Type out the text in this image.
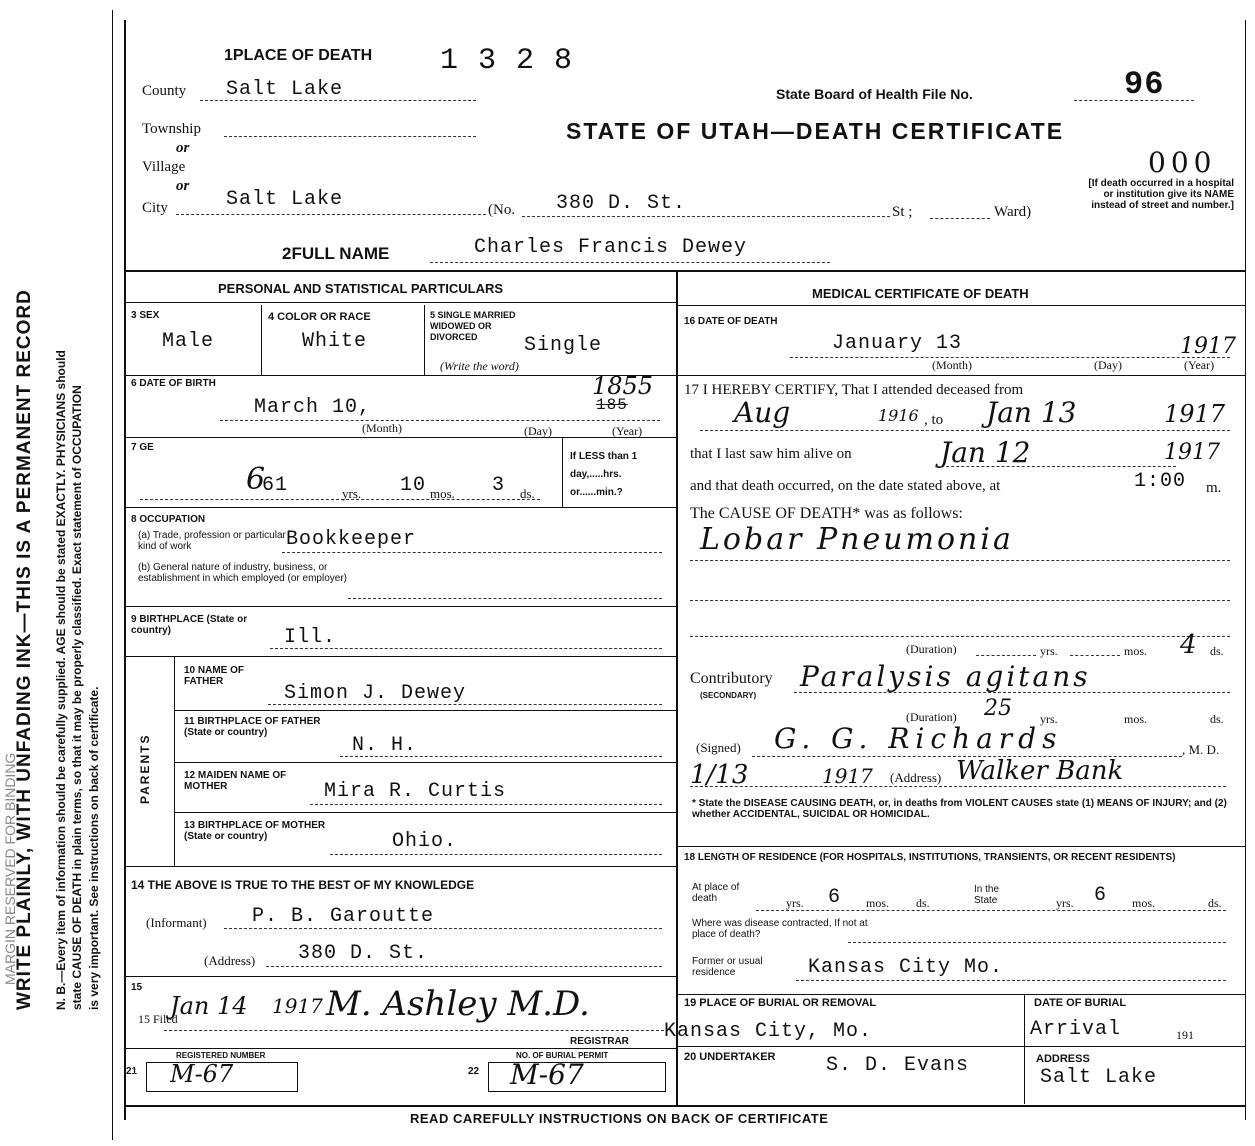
WRITE PLAINLY, WITH UNFADING INK—THIS IS A PERMANENT RECORD
MARGIN RESERVED FOR BINDING	N. B.—Every item of information should be carefully supplied. AGE should be stated EXACTLY. PHYSICIANS should state CAUSE OF DEATH in plain terms, so that it may be properly classified. Exact statement of OCCUPATION is very important. See instructions on back of certificate.
1PLACE OF DEATH 1 3 2 8
County Salt Lake
Township
or
Village
or
City	Salt Lake	(No. 380 D. St.	St ;	Ward)
State Board of Health File No.	96
STATE OF UTAH—DEATH CERTIFICATE
000
[If death occurred in a hospital or institution give its NAME instead of street and number.]
2FULL NAME	Charles Francis Dewey
PERSONAL AND STATISTICAL PARTICULARS
3 SEX
Male
4 COLOR OR RACE
White
5 SINGLE MARRIED WIDOWED OR DIVORCED
(Write the word)
Single
6 DATE OF BIRTH
March 10,
1855
185
(Month)	(Day)	(Year)
7 GE
6
61	yrs. 10 mos. 3 ds.
If LESS than 1 day,.....hrs. or......min.?
8 OCCUPATION
(a) Trade, profession or particular kind of work	Bookkeeper
(b) General nature of industry, business, or establishment in which employed (or employer)
9 BIRTHPLACE (State or country)	Ill.
PARENTS
10 NAME OF FATHER
Simon J. Dewey
11 BIRTHPLACE OF FATHER (State or country)
N. H.
12 MAIDEN NAME OF MOTHER	Mira R. Curtis
13 BIRTHPLACE OF MOTHER (State or country)	Ohio.
14 THE ABOVE IS TRUE TO THE BEST OF MY KNOWLEDGE
(Informant) P. B. Garoutte
(Address) 380 D. St.
15
15 Filed
Jan 14 1917 M. Ashley M.D.
REGISTRAR
REGISTERED NUMBER
21 M-67
NO. OF BURIAL PERMIT
22 M-67
MEDICAL CERTIFICATE OF DEATH
16 DATE OF DEATH
January 13	1917
(Month)	(Day)	(Year)
17 I HEREBY CERTIFY, That I attended deceased from
Aug	1916 , to Jan 13	1917
that I last saw him alive on	Jan 12	1917
and that death occurred, on the date stated above, at	1:00 m.
The CAUSE OF DEATH* was as follows:
Lobar Pneumonia
(Duration)	yrs.	mos. 4 ds.
Contributory
(SECONDARY)
Paralysis agitans
(Duration) 25 yrs.	mos.	ds.
(Signed) G. G. Richards	, M. D.
1/13	1917 (Address) Walker Bank
* State the DISEASE CAUSING DEATH, or, in deaths from VIOLENT CAUSES state (1) MEANS OF INJURY; and (2) whether ACCIDENTAL, SUICIDAL OR HOMICIDAL.
18 LENGTH OF RESIDENCE (FOR HOSPITALS, INSTITUTIONS, TRANSIENTS, OR RECENT RESIDENTS)
At place of death	yrs. 6 mos. ds.
In the State	yrs. 6 mos.	ds.
Where was disease contracted, If not at place of death?
Former or usual residence	Kansas City Mo.
19 PLACE OF BURIAL OR REMOVAL
Kansas City, Mo.
DATE OF BURIAL
Arrival	191
20 UNDERTAKER	S. D. Evans	ADDRESS
Salt Lake
READ CAREFULLY INSTRUCTIONS ON BACK OF CERTIFICATE
